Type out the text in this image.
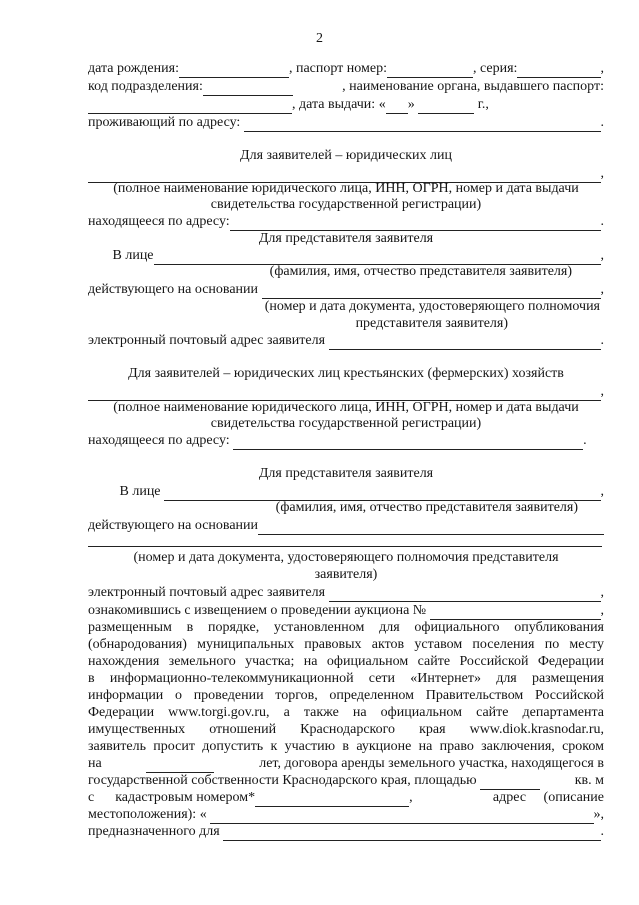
2
дата рождения:	, паспорт номер:	, серия:	,
код подразделения:
	, наименование органа, выдавшего паспорт:
, дата выдачи: « »

	г.,
проживающий по адресу:
	.
Для заявителей – юридических лиц
,
(полное наименование юридического лица, ИНН, ОГРН, номер и дата выдачи
свидетельства государственной регистрации)
находящееся по адресу:	.
Для представителя заявителя

В лице	,
(фамилия, имя, отчество представителя заявителя)
действующего на основании
	,
(номер и дата документа, удостоверяющего полномочия
представителя заявителя)
электронный почтовый адрес заявителя
	.
Для заявителей – юридических лиц крестьянских (фермерских) хозяйств
,
(полное наименование юридического лица, ИНН, ОГРН, номер и дата выдачи
свидетельства государственной регистрации)
находящееся по адресу:
	.
Для представителя заявителя

В лице
	,
(фамилия, имя, отчество представителя заявителя)
действующего на основании
(номер и дата документа, удостоверяющего полномочия представителя
заявителя)
электронный почтовый адрес заявителя
	,
ознакомившись с извещением о проведении аукциона №
	,
размещенным в порядке, установленном для официального опубликования
(обнародования) муниципальных правовых актов уставом поселения по месту
нахождения земельного участка; на официальном сайте Российской Федерации
в информационно-телекоммуникационной сети «Интернет» для размещения
информации о проведении торгов, определенном Правительством Российской
Федерации www.torgi.gov.ru, а также на официальном сайте департамента
имущественных отношений Краснодарского края www.diok.krasnodar.ru,
заявитель просит допустить к участию в аукционе на право заключения, сроком
на	лет, договора аренды земельного участка, находящегося в
государственной собственности Краснодарского края, площадью

	кв. м
с
кадастровым
номером*	,	адрес
(описание
местоположения): «
	»,
предназначенного для
	.
